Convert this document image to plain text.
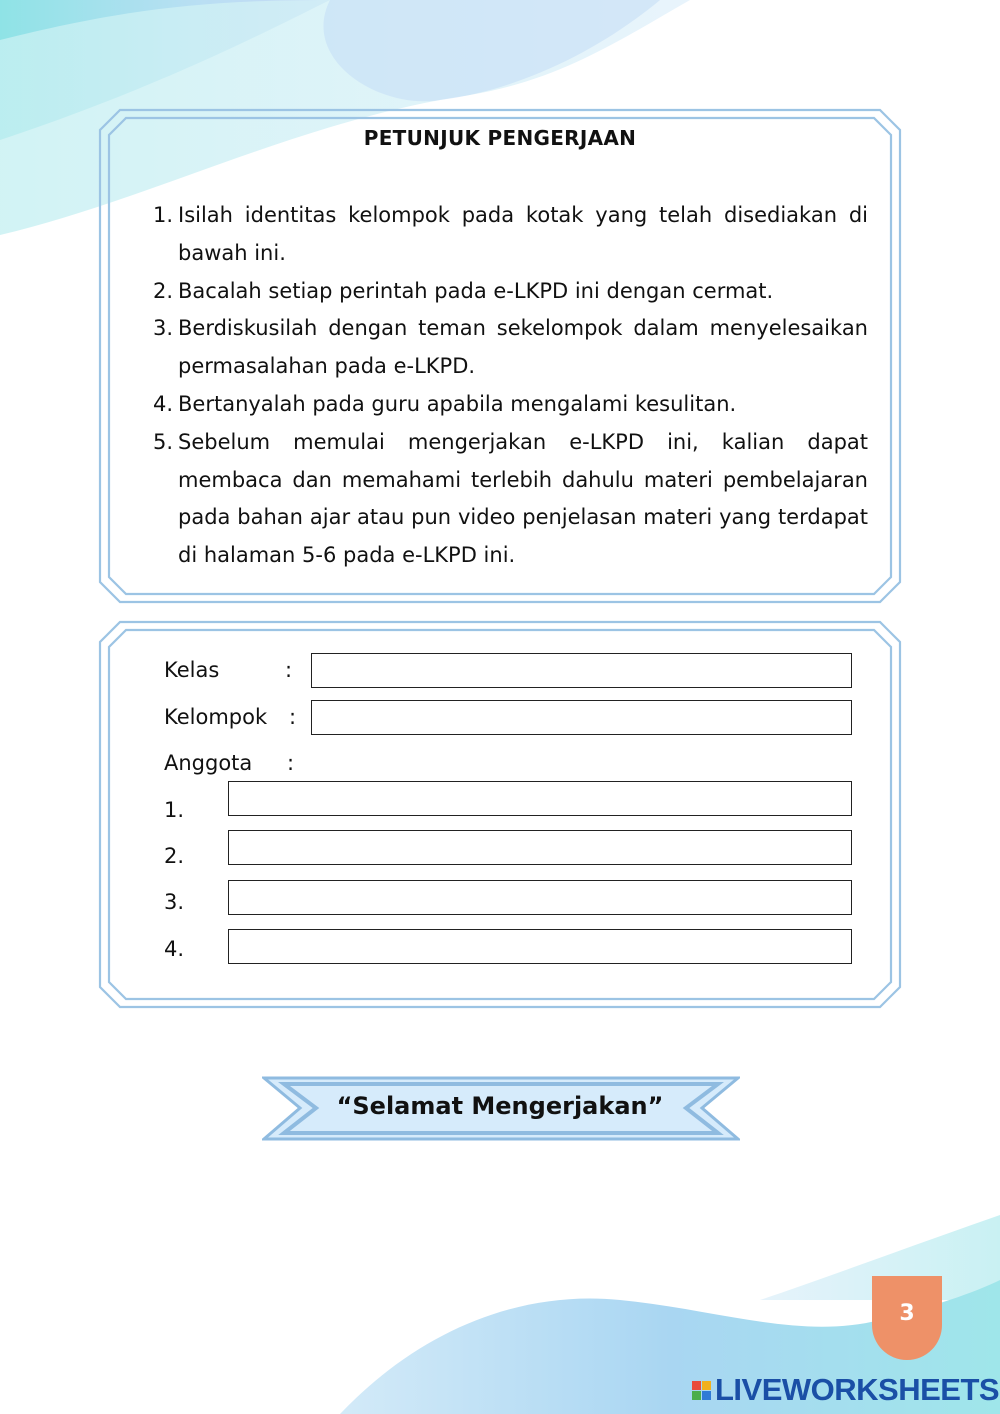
PETUNJUK PENGERJAAN
1. Isilah identitas kelompok pada kotak yang telah disediakan di bawah ini.
2. Bacalah setiap perintah pada e-LKPD ini dengan cermat.
3. Berdiskusilah dengan teman sekelompok dalam menyelesaikan permasalahan pada e-LKPD.
4. Bertanyalah pada guru apabila mengalami kesulitan.
5. Sebelum memulai mengerjakan e-LKPD ini, kalian dapat membaca dan memahami terlebih dahulu materi pembelajaran pada bahan ajar atau pun video penjelasan materi yang terdapat di halaman 5-6 pada e-LKPD ini.
Kelas	:
Kelompok :
Anggota :
1.
2.
3.
4.
“Selamat Mengerjakan”
3
LIVEWORKSHEETS
